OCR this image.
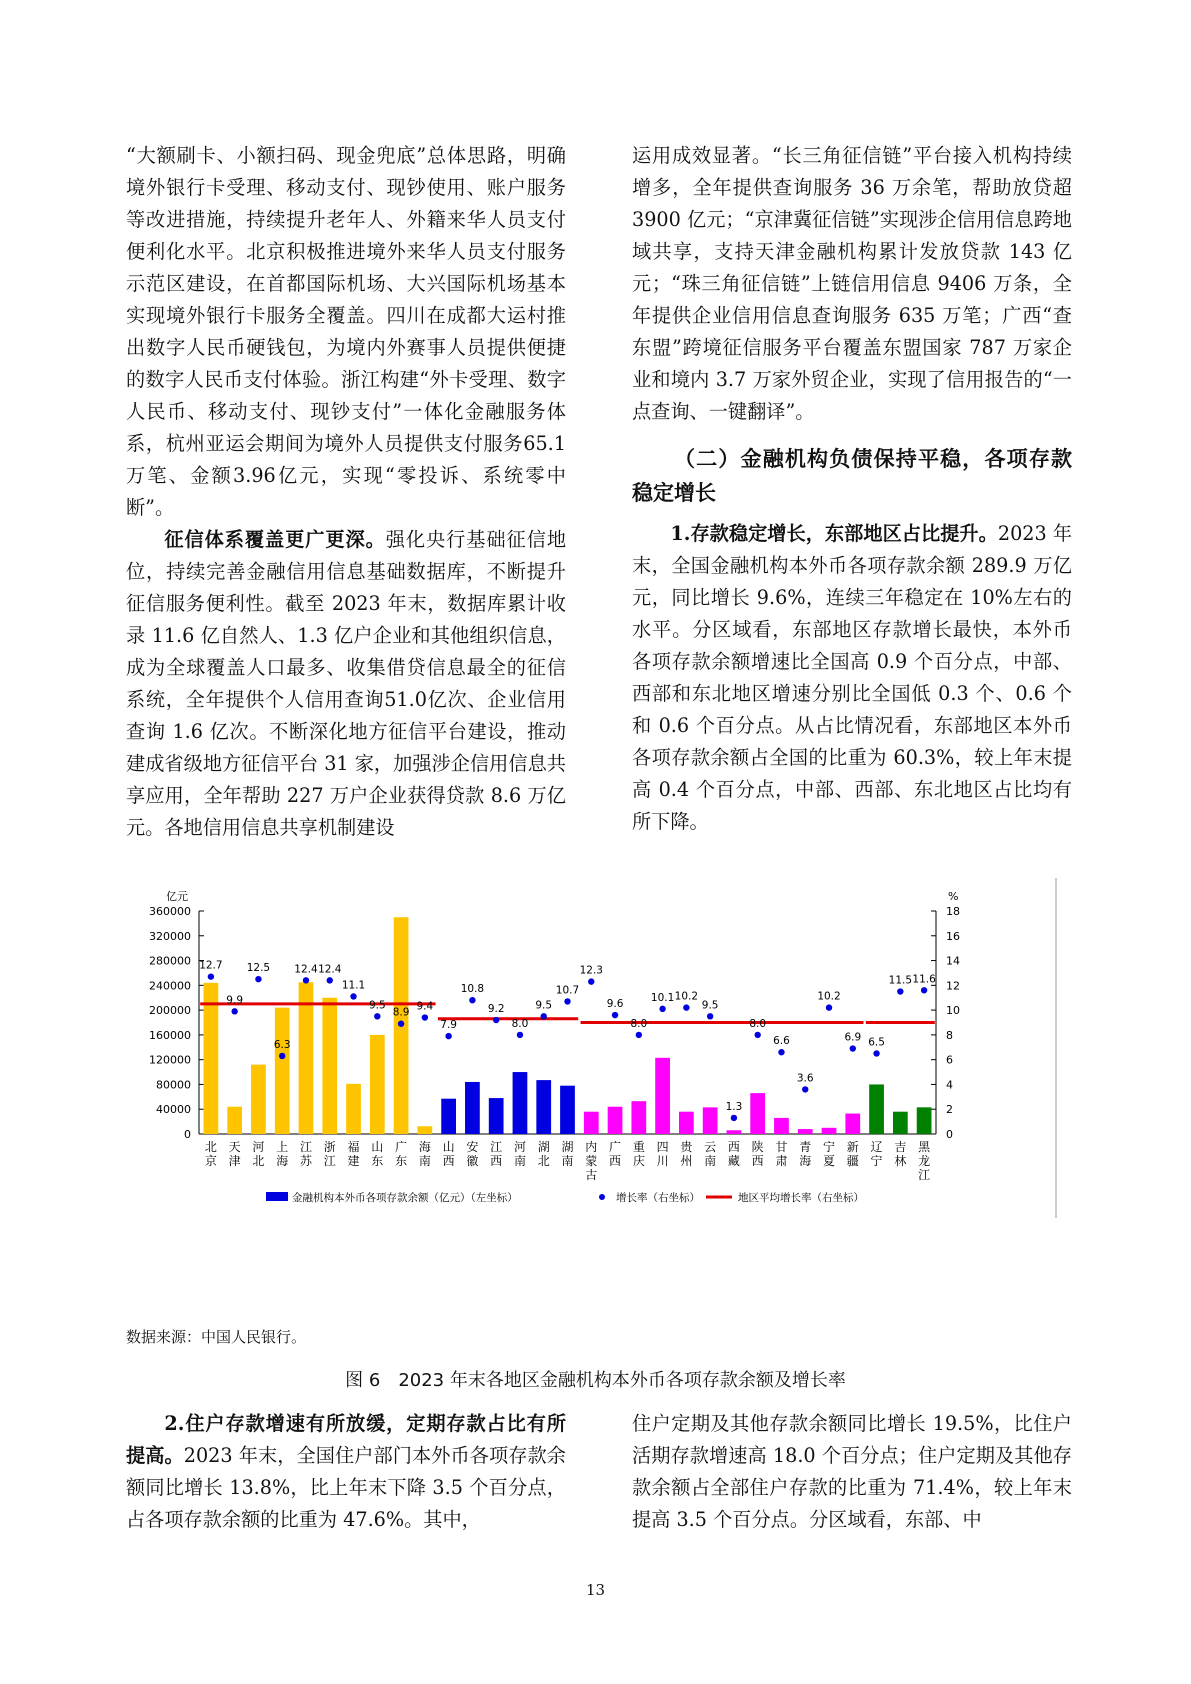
“大额刷卡、小额扫码、现金兜底”总体思路，明确境外银行卡受理、移动支付、现钞使用、账户服务等改进措施，持续提升老年人、外籍来华人员支付便利化水平。北京积极推进境外来华人员支付服务示范区建设，在首都国际机场、大兴国际机场基本实现境外银行卡服务全覆盖。四川在成都大运村推出数字人民币硬钱包，为境内外赛事人员提供便捷的数字人民币支付体验。浙江构建“外卡受理、数字人民币、移动支付、现钞支付”一体化金融服务体系，杭州亚运会期间为境外人员提供支付服务65.1万笔、金额3.96亿元，实现“零投诉、系统零中断”。

征信体系覆盖更广更深。强化央行基础征信地位，持续完善金融信用信息基础数据库，不断提升征信服务便利性。截至 2023 年末，数据库累计收录 11.6 亿自然人、1.3 亿户企业和其他组织信息，成为全球覆盖人口最多、收集借贷信息最全的征信系统，全年提供个人信用查询51.0亿次、企业信用查询 1.6 亿次。不断深化地方征信平台建设，推动建成省级地方征信平台 31 家，加强涉企信用信息共享应用，全年帮助 227 万户企业获得贷款 8.6 万亿元。各地信用信息共享机制建设

运用成效显著。“长三角征信链”平台接入机构持续增多，全年提供查询服务 36 万余笔，帮助放贷超 3900 亿元；“京津冀征信链”实现涉企信用信息跨地域共享，支持天津金融机构累计发放贷款 143 亿元；“珠三角征信链”上链信用信息 9406 万条，全年提供企业信用信息查询服务 635 万笔；广西“查东盟”跨境征信服务平台覆盖东盟国家 787 万家企业和境内 3.7 万家外贸企业，实现了信用报告的“一点查询、一键翻译”。

（二）金融机构负债保持平稳，各项存款稳定增长

1.存款稳定增长，东部地区占比提升。2023 年末，全国金融机构本外币各项存款余额 289.9 万亿元，同比增长 9.6%，连续三年稳定在 10%左右的水平。分区域看，东部地区存款增长最快，本外币各项存款余额增速比全国高 0.9 个百分点，中部、西部和东北地区增速分别比全国低 0.3 个、0.6 个和 0.6 个百分点。从占比情况看，东部地区本外币各项存款余额占全国的比重为 60.3%，较上年末提高 0.4 个百分点，中部、西部、东北地区占比均有所下降。

亿元	%
0
40000
80000
120000
160000
200000
240000
280000
320000
360000
0
2
4
6
8
10
12
14
16
18
12.7
9.9
12.5
6.3
12.4 12.4
11.1
9.5
8.9
9.4
7.9
10.8
9.2
8.0
9.5
10.7
12.3
9.6
8.0
10.1 10.2
9.5
1.3
8.0
6.6
3.6
10.2
6.9 6.5
11.5 11.6
北
京
天
津
河
北
上
海
江
苏
浙
江
福
建
山
东
广
东
海
南
山
西
安
徽
江
西
河
南
湖
北
湖
南
内
蒙
古
广
西
重
庆
四
川
贵
州
云
南
西
藏
陕
西
甘
肃
青
海
宁
夏
新
疆
辽
宁
吉
林
黑
龙
江
金融机构本外币各项存款余额（亿元）（左坐标）	增长率（右坐标）	地区平均增长率（右坐标）
数据来源：中国人民银行。
图 6　2023 年末各地区金融机构本外币各项存款余额及增长率

2.住户存款增速有所放缓，定期存款占比有所提高。2023 年末，全国住户部门本外币各项存款余额同比增长 13.8%，比上年末下降 3.5 个百分点，占各项存款余额的比重为 47.6%。其中，

住户定期及其他存款余额同比增长 19.5%，比住户活期存款增速高 18.0 个百分点；住户定期及其他存款余额占全部住户存款的比重为 71.4%，较上年末提高 3.5 个百分点。分区域看，东部、中

13
